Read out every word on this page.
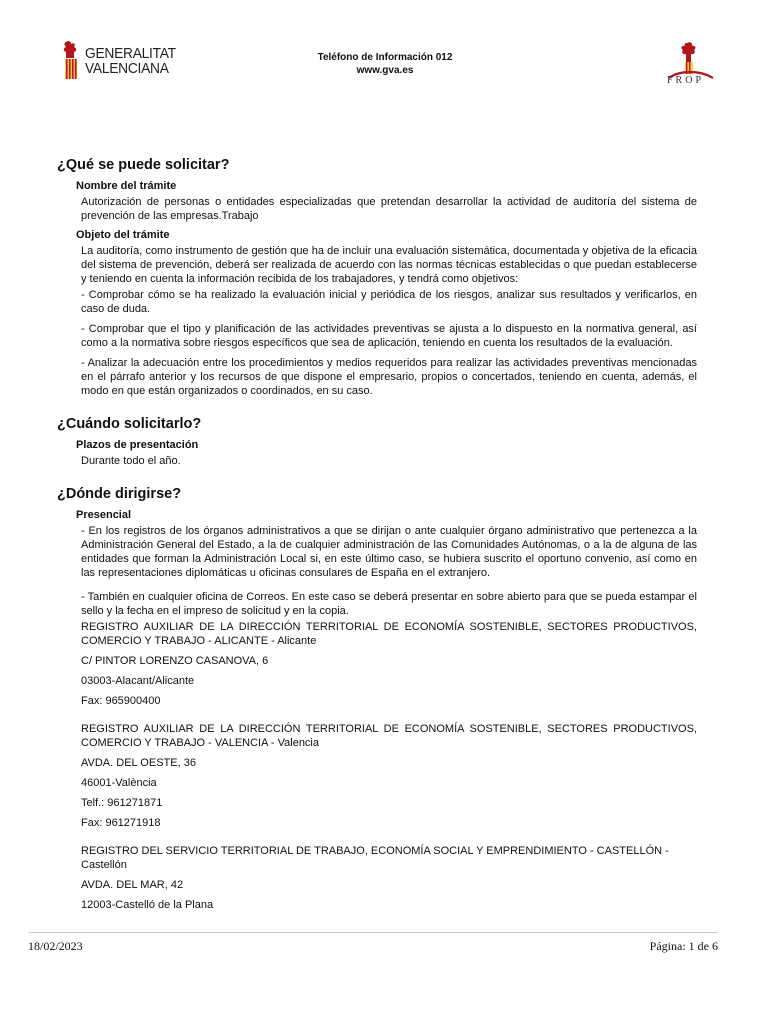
GENERALITAT
VALENCIANA
Teléfono de Información 012
www.gva.es
FROP
¿Qué se puede solicitar?
Nombre del trámite
Autorización de personas o entidades especializadas que pretendan desarrollar la actividad de auditoría del sistema de prevención de las empresas.Trabajo
Objeto del trámite
La auditoría, como instrumento de gestión que ha de incluir una evaluación sistemática, documentada y objetiva de la eficacia del sistema de prevención, deberá ser realizada de acuerdo con las normas técnicas establecidas o que puedan establecerse y teniendo en cuenta la información recibida de los trabajadores, y tendrá como objetivos:
- Comprobar cómo se ha realizado la evaluación inicial y periódica de los riesgos, analizar sus resultados y verificarlos, en caso de duda.
- Comprobar que el tipo y planificación de las actividades preventivas se ajusta a lo dispuesto en la normativa general, así como a la normativa sobre riesgos específicos que sea de aplicación, teniendo en cuenta los resultados de la evaluación.
- Analizar la adecuación entre los procedimientos y medios requeridos para realizar las actividades preventivas mencionadas en el párrafo anterior y los recursos de que dispone el empresario, propios o concertados, teniendo en cuenta, además, el modo en que están organizados o coordinados, en su caso.
¿Cuándo solicitarlo?
Plazos de presentación
Durante todo el año.
¿Dónde dirigirse?
Presencial
- En los registros de los órganos administrativos a que se dirijan o ante cualquier órgano administrativo que pertenezca a la Administración General del Estado, a la de cualquier administración de las Comunidades Autónomas, o a la de alguna de las entidades que forman la Administración Local si, en este último caso, se hubiera suscrito el oportuno convenio, así como en las representaciones diplomáticas u oficinas consulares de España en el extranjero.
- También en cualquier oficina de Correos. En este caso se deberá presentar en sobre abierto para que se pueda estampar el sello y la fecha en el impreso de solicitud y en la copia.
REGISTRO AUXILIAR DE LA DIRECCIÓN TERRITORIAL DE ECONOMÍA SOSTENIBLE, SECTORES PRODUCTIVOS, COMERCIO Y TRABAJO - ALICANTE - Alicante
C/ PINTOR LORENZO CASANOVA, 6
03003-Alacant/Alicante
Fax: 965900400
REGISTRO AUXILIAR DE LA DIRECCIÓN TERRITORIAL DE ECONOMÍA SOSTENIBLE, SECTORES PRODUCTIVOS, COMERCIO Y TRABAJO - VALENCIA - Valencia
AVDA. DEL OESTE, 36
46001-València
Telf.: 961271871
Fax: 961271918
REGISTRO DEL SERVICIO TERRITORIAL DE TRABAJO, ECONOMÍA SOCIAL Y EMPRENDIMIENTO - CASTELLÓN - Castellón
AVDA. DEL MAR, 42
12003-Castelló de la Plana
18/02/2023	Página: 1 de 6
